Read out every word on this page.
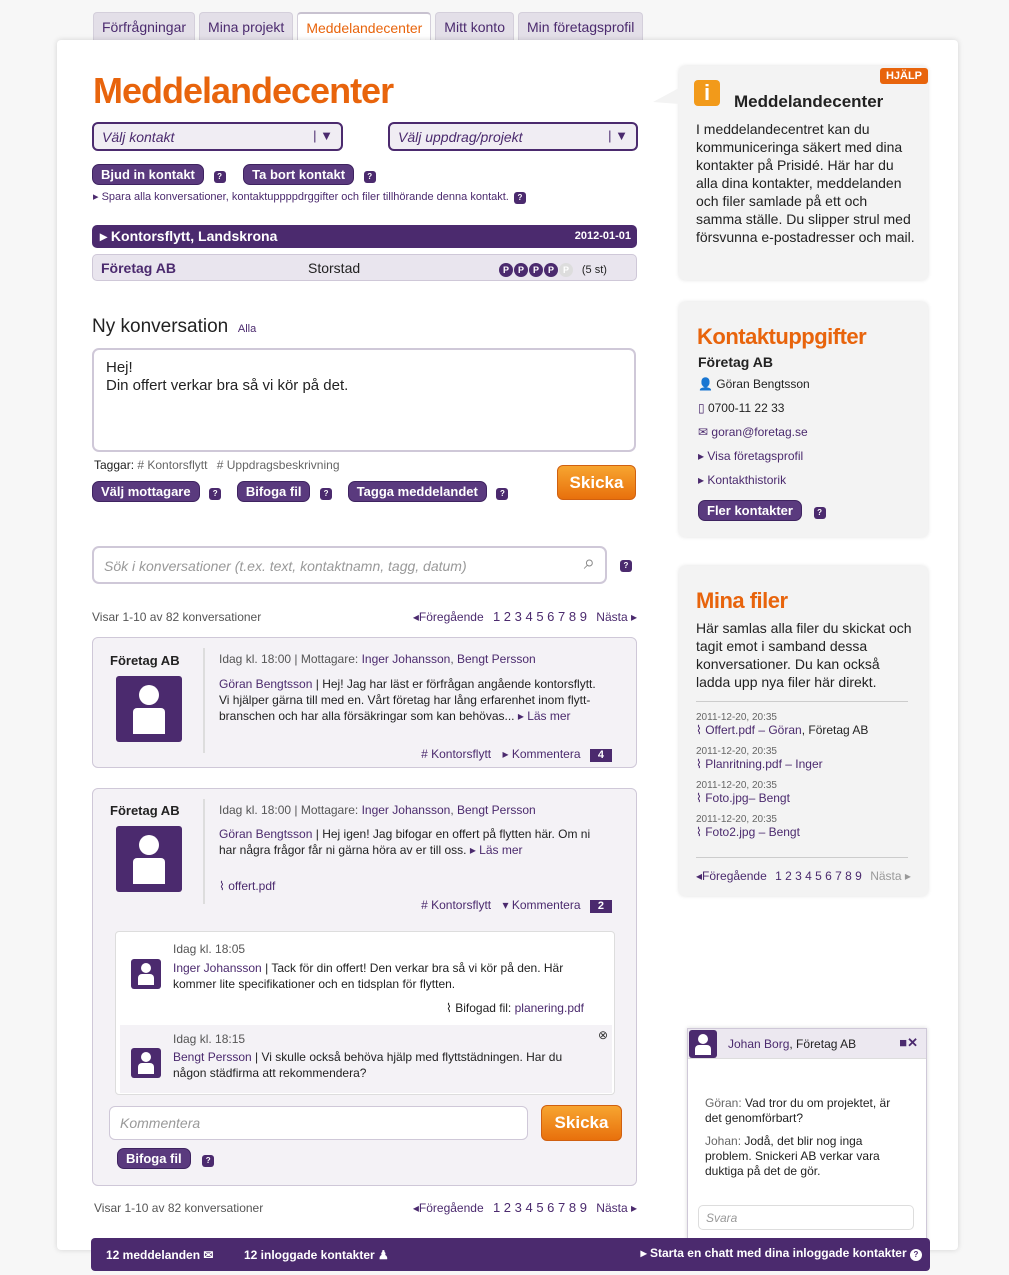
Förfrågningar	Mina projekt	Meddelandecenter	Mitt konto	Min företagsprofil
Meddelandecenter
Välj kontakt	| ▼	Välj uppdrag/projekt	| ▼
Bjud in kontakt	? Ta bort kontakt	?
▸ Spara alla konversationer, kontaktuppppdrggifter och filer tillhörande denna kontakt. ?
▸ Kontorsflytt, Landskrona	2012-01-01
Företag AB	Storstad	P P P P P (5 st)
Ny konversation Alla
Hej!
Din offert verkar bra så vi kör på det.
Taggar: # Kontorsflytt # Uppdragsbeskrivning
Välj mottagare	? Bifoga fil	? Tagga meddelandet	?
Skicka
Sök i konversationer (t.ex. text, kontaktnamn, tagg, datum)	⌕	?
Visar 1-10 av 82 konversationer	◂Föregående 1 2 3 4 5 6 7 8 9 Nästa ▸
Företag AB	Idag kl. 18:00 | Mottagare: Inger Johansson, Bengt Persson
Göran Bengtsson | Hej! Jag har läst er förfrågan angående kontorsflytt. Vi hjälper gärna till med en. Vårt företag har lång erfarenhet inom flytt-branschen och har alla försäkringar som kan behövas... ▸ Läs mer
# Kontorsflytt ▸ Kommentera 4
Företag AB	Idag kl. 18:00 | Mottagare: Inger Johansson, Bengt Persson
Göran Bengtsson | Hej igen! Jag bifogar en offert på flytten här. Om ni har några frågor får ni gärna höra av er till oss. ▸ Läs mer
⌇ offert.pdf
# Kontorsflytt ▾ Kommentera 2
Idag kl. 18:05
Inger Johansson | Tack för din offert! Den verkar bra så vi kör på den. Här kommer lite specifikationer och en tidsplan för flytten.
⌇ Bifogad fil: planering.pdf
Idag kl. 18:15	⊗
Bengt Persson | Vi skulle också behöva hjälp med flyttstädningen. Har du någon städfirma att rekommendera?
Kommentera	Skicka
Bifoga fil	?
Visar 1-10 av 82 konversationer	◂Föregående 1 2 3 4 5 6 7 8 9 Nästa ▸
HJÄLP
i	Meddelandecenter
I meddelandecentret kan du kommuniceringa säkert med dina kontakter på Prisidé. Här har du alla dina kontakter, meddelanden och filer samlade på ett och samma ställe. Du slipper strul med försvunna e-postadresser och mail.
Kontaktuppgifter
Företag AB
👤 Göran Bengtsson
▯ 0700-11 22 33
✉ goran@foretag.se
▸ Visa företagsprofil
▸ Kontakthistorik
Fler kontakter	?
Mina filer
Här samlas alla filer du skickat och tagit emot i samband dessa konversationer. Du kan också ladda upp nya filer här direkt.
2011-12-20, 20:35
⌇ Offert.pdf – Göran, Företag AB
2011-12-20, 20:35
⌇ Planritning.pdf – Inger
2011-12-20, 20:35
⌇ Foto.jpg– Bengt
2011-12-20, 20:35
⌇ Foto2.jpg – Bengt
◂Föregående 1 2 3 4 5 6 7 8 9 Nästa ▸
Johan Borg, Företag AB	■✕
Göran: Vad tror du om projektet, är det genomförbart?
Johan: Jodå, det blir nog inga problem. Snickeri AB verkar vara duktiga på det de gör.
Svara
12 meddelanden ✉	12 inloggade kontakter ♟	▸ Starta en chatt med dina inloggade kontakter ?
